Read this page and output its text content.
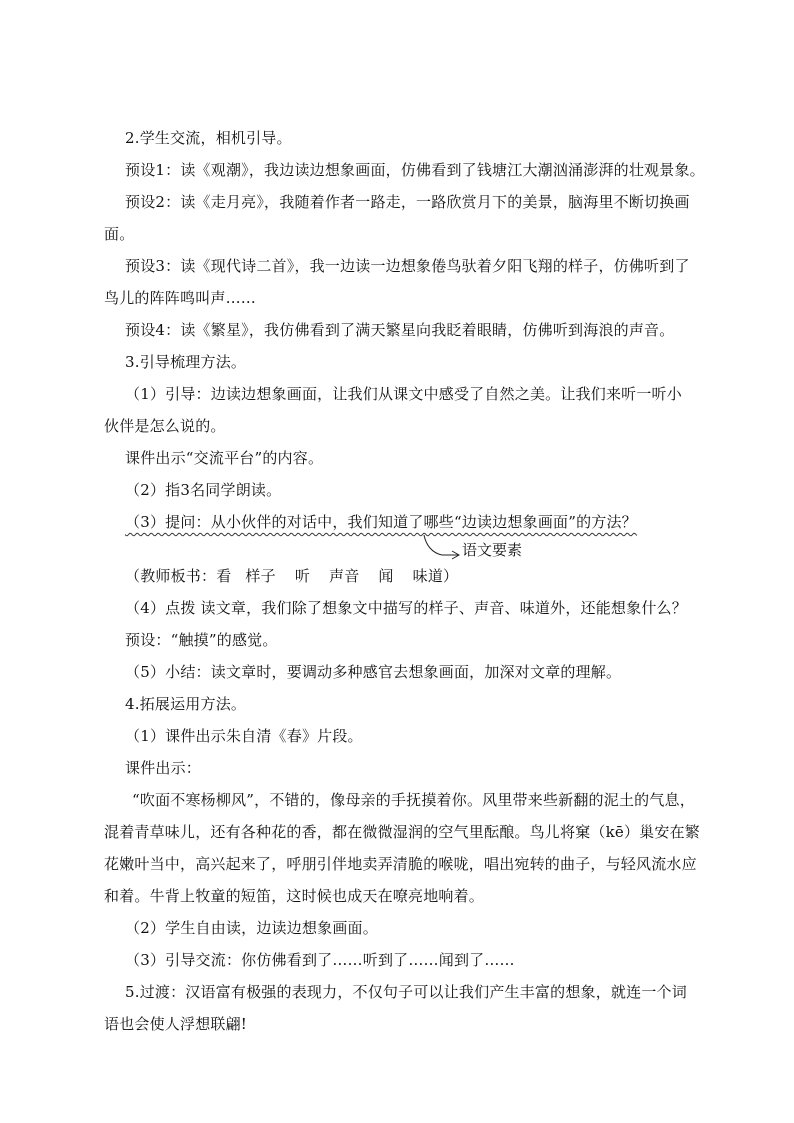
2.学生交流，相机引导。
预设1：读《观潮》，我边读边想象画面，仿佛看到了钱塘江大潮汹涌澎湃的壮观景象。
预设2：读《走月亮》，我随着作者一路走，一路欣赏月下的美景，脑海里不断切换画
面。
预设3：读《现代诗二首》，我一边读一边想象倦鸟驮着夕阳飞翔的样子，仿佛听到了
鸟儿的阵阵鸣叫声……
预设4：读《繁星》，我仿佛看到了满天繁星向我眨着眼睛，仿佛听到海浪的声音。
3.引导梳理方法。
（1）引导：边读边想象画面，让我们从课文中感受了自然之美。让我们来听一听小
伙伴是怎么说的。
课件出示“交流平台”的内容。
（2）指3名同学朗读。
（3）提问：从小伙伴的对话中，我们知道了哪些“边读边想象画面”的方法？
语文要素
（教师板书：看 样子 听 声音 闻 味道）
（4）点拨 读文章，我们除了想象文中描写的样子、声音、味道外，还能想象什么？
预设：“触摸”的感觉。
（5）小结：读文章时，要调动多种感官去想象画面，加深对文章的理解。
4.拓展运用方法。
（1）课件出示朱自清《春》片段。
课件出示：
“吹面不寒杨柳风”，不错的，像母亲的手抚摸着你。风里带来些新翻的泥土的气息，
混着青草味儿，还有各种花的香，都在微微湿润的空气里酝酿。鸟儿将窠（kē）巢安在繁
花嫩叶当中，高兴起来了，呼朋引伴地卖弄清脆的喉咙，唱出宛转的曲子，与轻风流水应
和着。牛背上牧童的短笛，这时候也成天在嘹亮地响着。
（2）学生自由读，边读边想象画面。
（3）引导交流：你仿佛看到了……听到了……闻到了……
5.过渡：汉语富有极强的表现力，不仅句子可以让我们产生丰富的想象，就连一个词
语也会使人浮想联翩!
